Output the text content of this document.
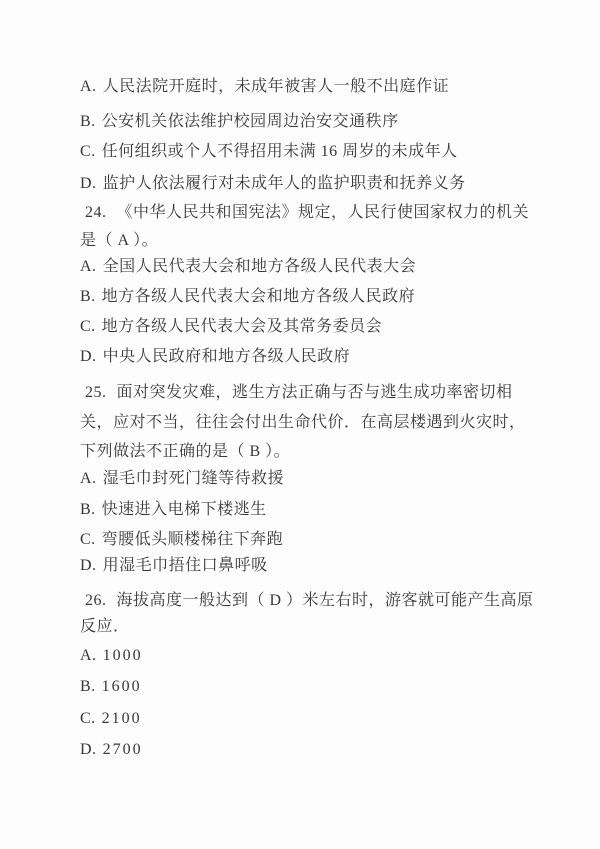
A. 人民法院开庭时，未成年被害人一般不出庭作证
B. 公安机关依法维护校园周边治安交通秩序
C. 任何组织或个人不得招用未满 16 周岁的未成年人
D. 监护人依法履行对未成年人的监护职责和抚养义务
24. 《中华人民共和国宪法》规定，人民行使国家权力的机关
是（ A ）。
A. 全国人民代表大会和地方各级人民代表大会
B. 地方各级人民代表大会和地方各级人民政府
C. 地方各级人民代表大会及其常务委员会
D. 中央人民政府和地方各级人民政府
25. 面对突发灾难，逃生方法正确与否与逃生成功率密切相
关，应对不当，往往会付出生命代价．在高层楼遇到火灾时，
下列做法不正确的是（ B ）。
A. 湿毛巾封死门缝等待救援
B. 快速进入电梯下楼逃生
C. 弯腰低头顺楼梯往下奔跑
D. 用湿毛巾捂住口鼻呼吸
26. 海拔高度一般达到（ D ）米左右时，游客就可能产生高原
反应．
A. 1000
B. 1600
C. 2100
D. 2700
